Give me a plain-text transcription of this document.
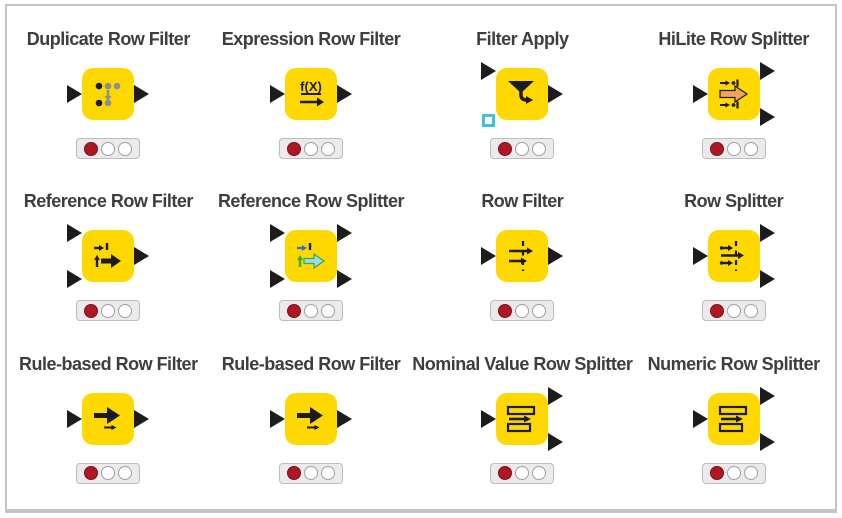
Duplicate Row Filter Expression Row Filter
f(X)
Filter Apply	HiLite Row Splitter
Reference Row Filter Reference Row Splitter	Row Filter	Row Splitter
Rule-based Row Filter Rule-based Row Filter Nominal Value Row Splitter Numeric Row Splitter
